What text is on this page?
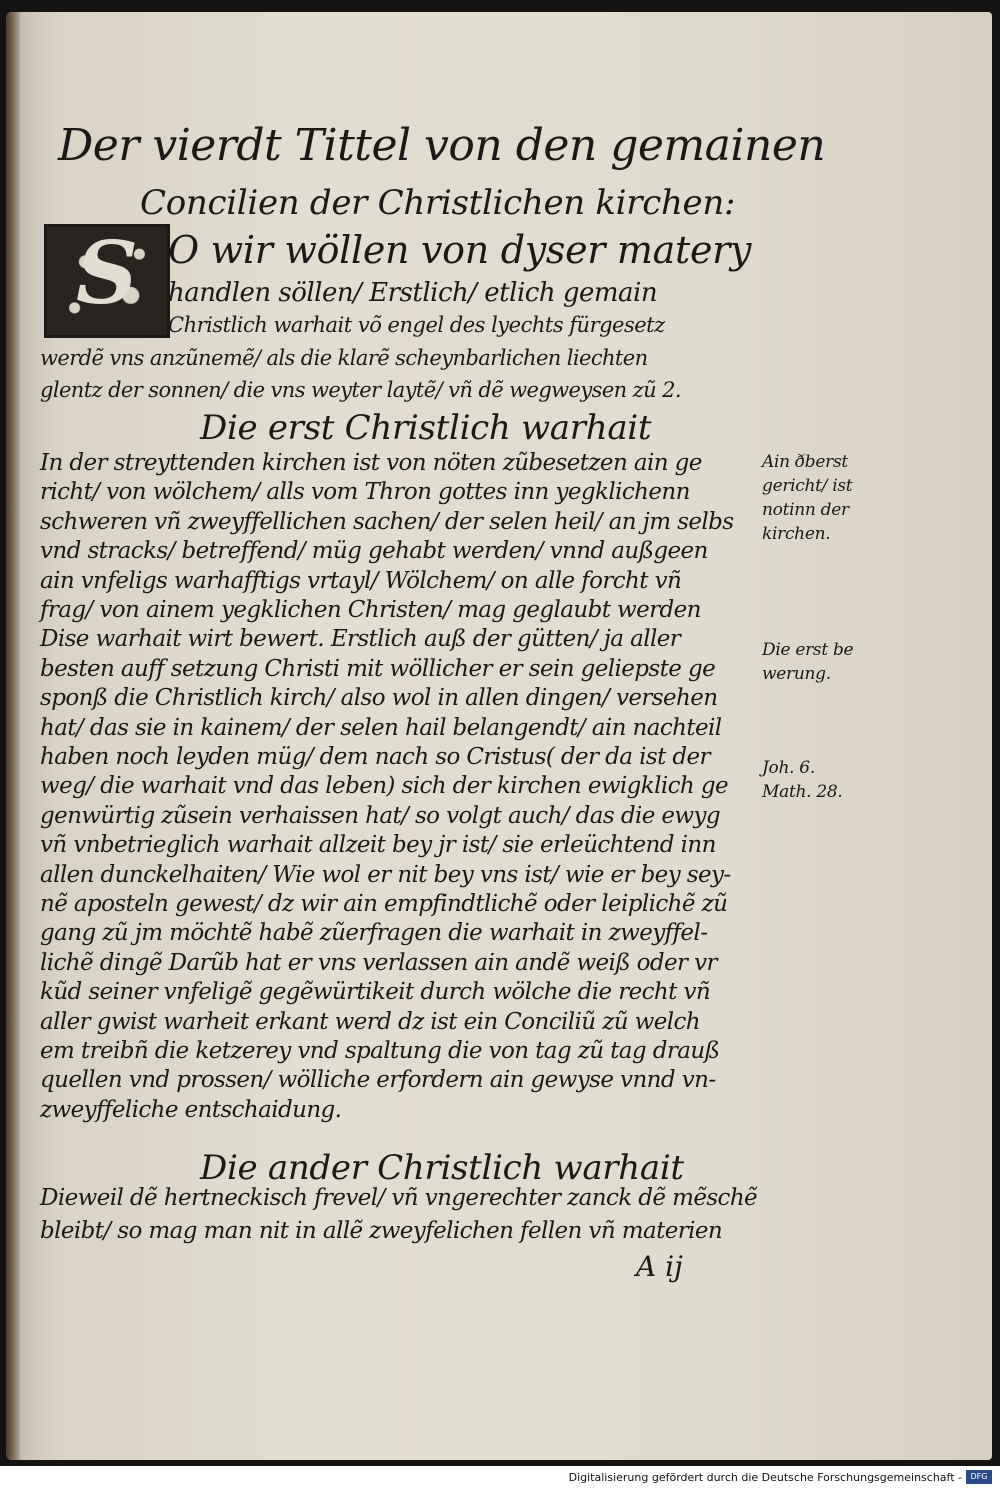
Der vierdt Tittel von den gemainen
Concilien der Christlichen kirchen:
S O wir wöllen von dyser matery
handlen söllen/ Erstlich/ etlich gemain
Christlich warhait võ engel des lyechts fürgesetz
werdẽ vns anzũnemẽ/ als die klarẽ scheynbarlichen liechten
glentz der sonnen/ die vns weyter laytẽ/ vñ dẽ wegweysen zũ 2.
Die erst Christlich warhait
In der streyttenden kirchen ist von nöten zũbesetzen ain ge
richt/ von wölchem/ alls vom Thron gottes inn yegklichenn
schweren vñ zweyffellichen sachen/ der selen heil/ an jm selbs
vnd stracks/ betreffend/ müg gehabt werden/ vnnd außgeen
ain vnfeligs warhafftigs vrtayl/ Wölchem/ on alle forcht vñ
frag/ von ainem yegklichen Christen/ mag geglaubt werden
Dise warhait wirt bewert. Erstlich auß der gütten/ ja aller
besten auff setzung Christi mit wöllicher er sein geliepste ge
sponß die Christlich kirch/ also wol in allen dingen/ versehen
hat/ das sie in kainem/ der selen hail belangendt/ ain nachteil
haben noch leyden müg/ dem nach so Cristus( der da ist der
weg/ die warhait vnd das leben) sich der kirchen ewigklich ge
genwürtig zũsein verhaissen hat/ so volgt auch/ das die ewyg
vñ vnbetrieglich warhait allzeit bey jr ist/ sie erleüchtend inn
allen dunckelhaiten/ Wie wol er nit bey vns ist/ wie er bey sey-
nẽ aposteln gewest/ dz wir ain empfindtlichẽ oder leiplichẽ zũ
gang zũ jm möchtẽ habẽ zũerfragen die warhait in zweyffel-
lichẽ dingẽ Darũb hat er vns verlassen ain andẽ weiß oder vr
kũd seiner vnfeligẽ gegẽwürtikeit durch wölche die recht vñ
aller gwist warheit erkant werd dz ist ein Conciliũ zũ welch
em treibñ die ketzerey vnd spaltung die von tag zũ tag drauß
quellen vnd prossen/ wölliche erfordern ain gewyse vnnd vn-
zweyffeliche entschaidung.
Die ander Christlich warhait
Dieweil dẽ hertneckisch frevel/ vñ vngerechter zanck dẽ mẽschẽ
bleibt/ so mag man nit in allẽ zweyfelichen fellen vñ materien
Ain ðberst
gericht/ ist
notinn der
kirchen.
Die erst be
werung.
Joh. 6.
Math. 28.
A ij
Digitalisierung gefördert durch die Deutsche Forschungsgemeinschaft -	DFG
